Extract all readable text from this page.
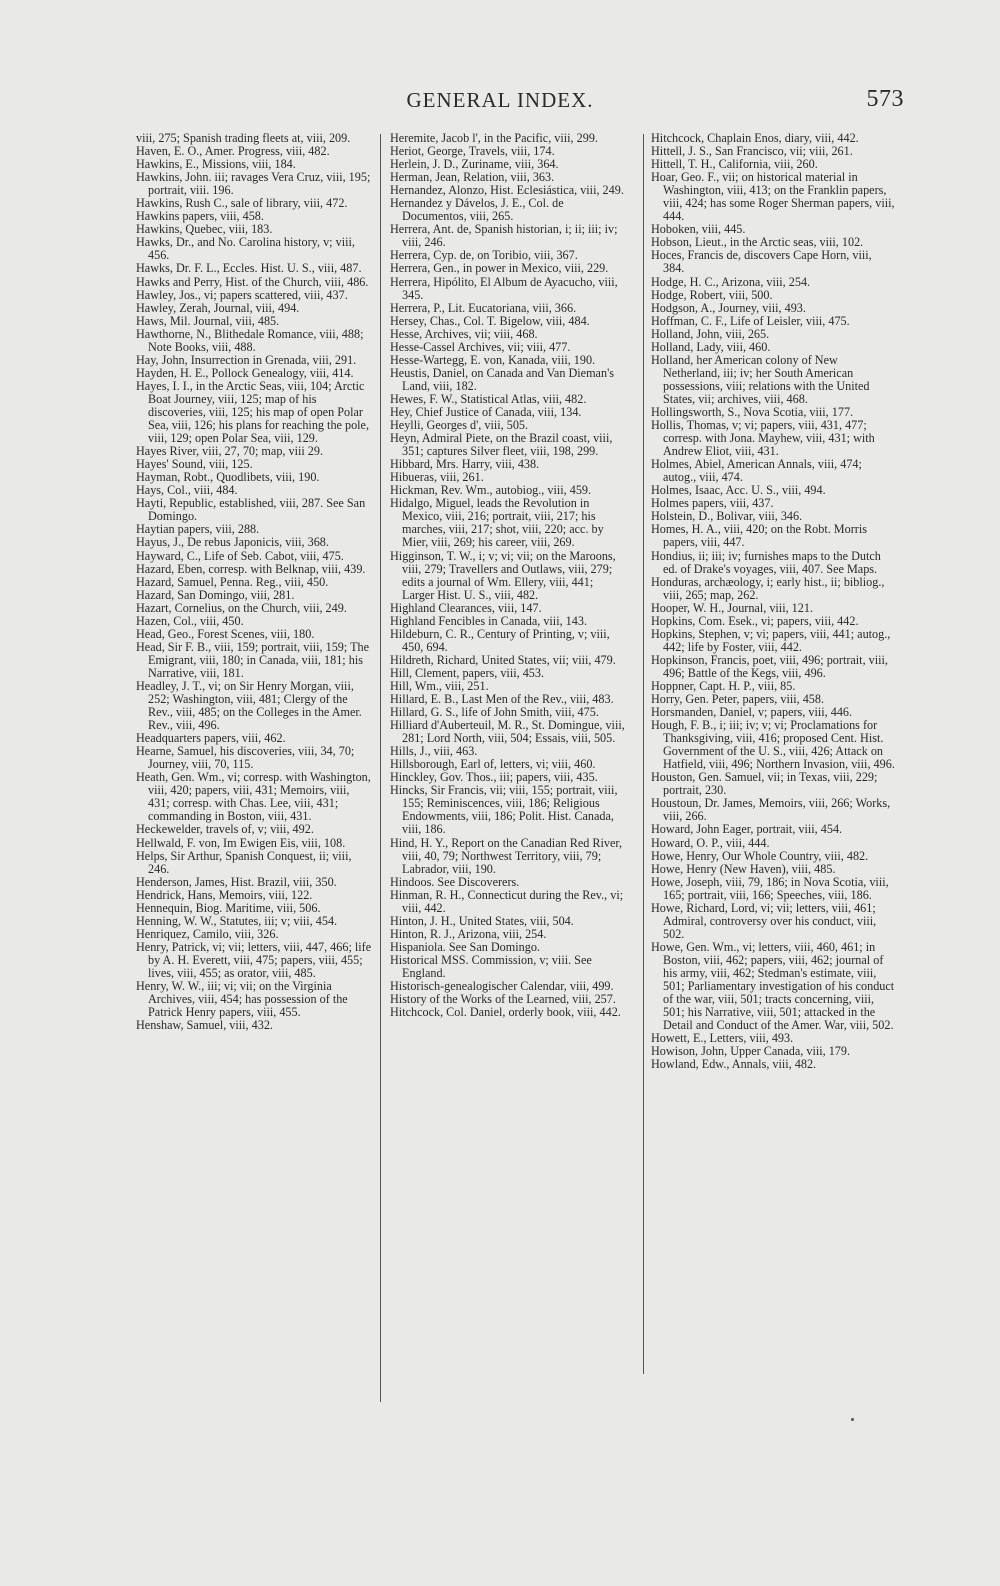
GENERAL INDEX.	573

viii, 275; Spanish trading fleets at, viii, 209.

Haven, E. O., Amer. Progress, viii, 482.

Hawkins, E., Missions, viii, 184.

Hawkins, John. iii; ravages Vera Cruz, viii, 195; portrait, viii. 196.

Hawkins, Rush C., sale of library, viii, 472.

Hawkins papers, viii, 458.

Hawkins, Quebec, viii, 183.

Hawks, Dr., and No. Carolina history, v; viii, 456.

Hawks, Dr. F. L., Eccles. Hist. U. S., viii, 487.

Hawks and Perry, Hist. of the Church, viii, 486.

Hawley, Jos., vi; papers scattered, viii, 437.

Hawley, Zerah, Journal, viii, 494.

Haws, Mil. Journal, viii, 485.

Hawthorne, N., Blithedale Romance, viii, 488; Note Books, viii, 488.

Hay, John, Insurrection in Grenada, viii, 291.

Hayden, H. E., Pollock Genealogy, viii, 414.

Hayes, I. I., in the Arctic Seas, viii, 104; Arctic Boat Journey, viii, 125; map of his discoveries, viii, 125; his map of open Polar Sea, viii, 126; his plans for reaching the pole, viii, 129; open Polar Sea, viii, 129.

Hayes River, viii, 27, 70; map, viii 29.

Hayes' Sound, viii, 125.

Hayman, Robt., Quodlibets, viii, 190.

Hays, Col., viii, 484.

Hayti, Republic, established, viii, 287. See San Domingo.

Haytian papers, viii, 288.

Hayus, J., De rebus Japonicis, viii, 368.

Hayward, C., Life of Seb. Cabot, viii, 475.

Hazard, Eben, corresp. with Belknap, viii, 439.

Hazard, Samuel, Penna. Reg., viii, 450.

Hazard, San Domingo, viii, 281.

Hazart, Cornelius, on the Church, viii, 249.

Hazen, Col., viii, 450.

Head, Geo., Forest Scenes, viii, 180.

Head, Sir F. B., viii, 159; portrait, viii, 159; The Emigrant, viii, 180; in Canada, viii, 181; his Narrative, viii, 181.

Headley, J. T., vi; on Sir Henry Morgan, viii, 252; Washington, viii, 481; Clergy of the Rev., viii, 485; on the Colleges in the Amer. Rev., viii, 496.

Headquarters papers, viii, 462.

Hearne, Samuel, his discoveries, viii, 34, 70; Journey, viii, 70, 115.

Heath, Gen. Wm., vi; corresp. with Washington, viii, 420; papers, viii, 431; Memoirs, viii, 431; corresp. with Chas. Lee, viii, 431; commanding in Boston, viii, 431.

Heckewelder, travels of, v; viii, 492.

Hellwald, F. von, Im Ewigen Eis, viii, 108.

Helps, Sir Arthur, Spanish Conquest, ii; viii, 246.

Henderson, James, Hist. Brazil, viii, 350.

Hendrick, Hans, Memoirs, viii, 122.

Hennequin, Biog. Maritime, viii, 506.

Henning, W. W., Statutes, iii; v; viii, 454.

Henriquez, Camilo, viii, 326.

Henry, Patrick, vi; vii; letters, viii, 447, 466; life by A. H. Everett, viii, 475; papers, viii, 455; lives, viii, 455; as orator, viii, 485.

Henry, W. W., iii; vi; vii; on the Virginia Archives, viii, 454; has possession of the Patrick Henry papers, viii, 455.

Henshaw, Samuel, viii, 432.

Heremite, Jacob l', in the Pacific, viii, 299.

Heriot, George, Travels, viii, 174.

Herlein, J. D., Zuriname, viii, 364.

Herman, Jean, Relation, viii, 363.

Hernandez, Alonzo, Hist. Eclesiástica, viii, 249.

Hernandez y Dávelos, J. E., Col. de Documentos, viii, 265.

Herrera, Ant. de, Spanish historian, i; ii; iii; iv; viii, 246.

Herrera, Cyp. de, on Toribio, viii, 367.

Herrera, Gen., in power in Mexico, viii, 229.

Herrera, Hipólito, El Album de Ayacucho, viii, 345.

Herrera, P., Lit. Eucatoriana, viii, 366.

Hersey, Chas., Col. T. Bigelow, viii, 484.

Hesse, Archives, vii; viii, 468.

Hesse-Cassel Archives, vii; viii, 477.

Hesse-Wartegg, E. von, Kanada, viii, 190.

Heustis, Daniel, on Canada and Van Dieman's Land, viii, 182.

Hewes, F. W., Statistical Atlas, viii, 482.

Hey, Chief Justice of Canada, viii, 134.

Heylli, Georges d', viii, 505.

Heyn, Admiral Piete, on the Brazil coast, viii, 351; captures Silver fleet, viii, 198, 299.

Hibbard, Mrs. Harry, viii, 438.

Hibueras, viii, 261.

Hickman, Rev. Wm., autobiog., viii, 459.

Hidalgo, Miguel, leads the Revolution in Mexico, viii, 216; portrait, viii, 217; his marches, viii, 217; shot, viii, 220; acc. by Mier, viii, 269; his career, viii, 269.

Higginson, T. W., i; v; vi; vii; on the Maroons, viii, 279; Travellers and Outlaws, viii, 279; edits a journal of Wm. Ellery, viii, 441; Larger Hist. U. S., viii, 482.

Highland Clearances, viii, 147.

Highland Fencibles in Canada, viii, 143.

Hildeburn, C. R., Century of Printing, v; viii, 450, 694.

Hildreth, Richard, United States, vii; viii, 479.

Hill, Clement, papers, viii, 453.

Hill, Wm., viii, 251.

Hillard, E. B., Last Men of the Rev., viii, 483.

Hillard, G. S., life of John Smith, viii, 475.

Hilliard d'Auberteuil, M. R., St. Domingue, viii, 281; Lord North, viii, 504; Essais, viii, 505.

Hills, J., viii, 463.

Hillsborough, Earl of, letters, vi; viii, 460.

Hinckley, Gov. Thos., iii; papers, viii, 435.

Hincks, Sir Francis, vii; viii, 155; portrait, viii, 155; Reminiscences, viii, 186; Religious Endowments, viii, 186; Polit. Hist. Canada, viii, 186.

Hind, H. Y., Report on the Canadian Red River, viii, 40, 79; Northwest Territory, viii, 79; Labrador, viii, 190.

Hindoos. See Discoverers.

Hinman, R. H., Connecticut during the Rev., vi; viii, 442.

Hinton, J. H., United States, viii, 504.

Hinton, R. J., Arizona, viii, 254.

Hispaniola. See San Domingo.

Historical MSS. Commission, v; viii. See England.

Historisch-genealogischer Calendar, viii, 499.

History of the Works of the Learned, viii, 257.

Hitchcock, Col. Daniel, orderly book, viii, 442.

Hitchcock, Chaplain Enos, diary, viii, 442.

Hittell, J. S., San Francisco, vii; viii, 261.

Hittell, T. H., California, viii, 260.

Hoar, Geo. F., vii; on historical material in Washington, viii, 413; on the Franklin papers, viii, 424; has some Roger Sherman papers, viii, 444.

Hoboken, viii, 445.

Hobson, Lieut., in the Arctic seas, viii, 102.

Hoces, Francis de, discovers Cape Horn, viii, 384.

Hodge, H. C., Arizona, viii, 254.

Hodge, Robert, viii, 500.

Hodgson, A., Journey, viii, 493.

Hoffman, C. F., Life of Leisler, viii, 475.

Holland, John, viii, 265.

Holland, Lady, viii, 460.

Holland, her American colony of New Netherland, iii; iv; her South American possessions, viii; relations with the United States, vii; archives, viii, 468.

Hollingsworth, S., Nova Scotia, viii, 177.

Hollis, Thomas, v; vi; papers, viii, 431, 477; corresp. with Jona. Mayhew, viii, 431; with Andrew Eliot, viii, 431.

Holmes, Abiel, American Annals, viii, 474; autog., viii, 474.

Holmes, Isaac, Acc. U. S., viii, 494.

Holmes papers, viii, 437.

Holstein, D., Bolivar, viii, 346.

Homes, H. A., viii, 420; on the Robt. Morris papers, viii, 447.

Hondius, ii; iii; iv; furnishes maps to the Dutch ed. of Drake's voyages, viii, 407. See Maps.

Honduras, archæology, i; early hist., ii; bibliog., viii, 265; map, 262.

Hooper, W. H., Journal, viii, 121.

Hopkins, Com. Esek., vi; papers, viii, 442.

Hopkins, Stephen, v; vi; papers, viii, 441; autog., 442; life by Foster, viii, 442.

Hopkinson, Francis, poet, viii, 496; portrait, viii, 496; Battle of the Kegs, viii, 496.

Hoppner, Capt. H. P., viii, 85.

Horry, Gen. Peter, papers, viii, 458.

Horsmanden, Daniel, v; papers, viii, 446.

Hough, F. B., i; iii; iv; v; vi; Proclamations for Thanksgiving, viii, 416; proposed Cent. Hist. Government of the U. S., viii, 426; Attack on Hatfield, viii, 496; Northern Invasion, viii, 496.

Houston, Gen. Samuel, vii; in Texas, viii, 229; portrait, 230.

Houstoun, Dr. James, Memoirs, viii, 266; Works, viii, 266.

Howard, John Eager, portrait, viii, 454.

Howard, O. P., viii, 444.

Howe, Henry, Our Whole Country, viii, 482.

Howe, Henry (New Haven), viii, 485.

Howe, Joseph, viii, 79, 186; in Nova Scotia, viii, 165; portrait, viii, 166; Speeches, viii, 186.

Howe, Richard, Lord, vi; vii; letters, viii, 461; Admiral, controversy over his conduct, viii, 502.

Howe, Gen. Wm., vi; letters, viii, 460, 461; in Boston, viii, 462; papers, viii, 462; journal of his army, viii, 462; Stedman's estimate, viii, 501; Parliamentary investigation of his conduct of the war, viii, 501; tracts concerning, viii, 501; his Narrative, viii, 501; attacked in the Detail and Conduct of the Amer. War, viii, 502.

Howett, E., Letters, viii, 493.

Howison, John, Upper Canada, viii, 179.

Howland, Edw., Annals, viii, 482.
